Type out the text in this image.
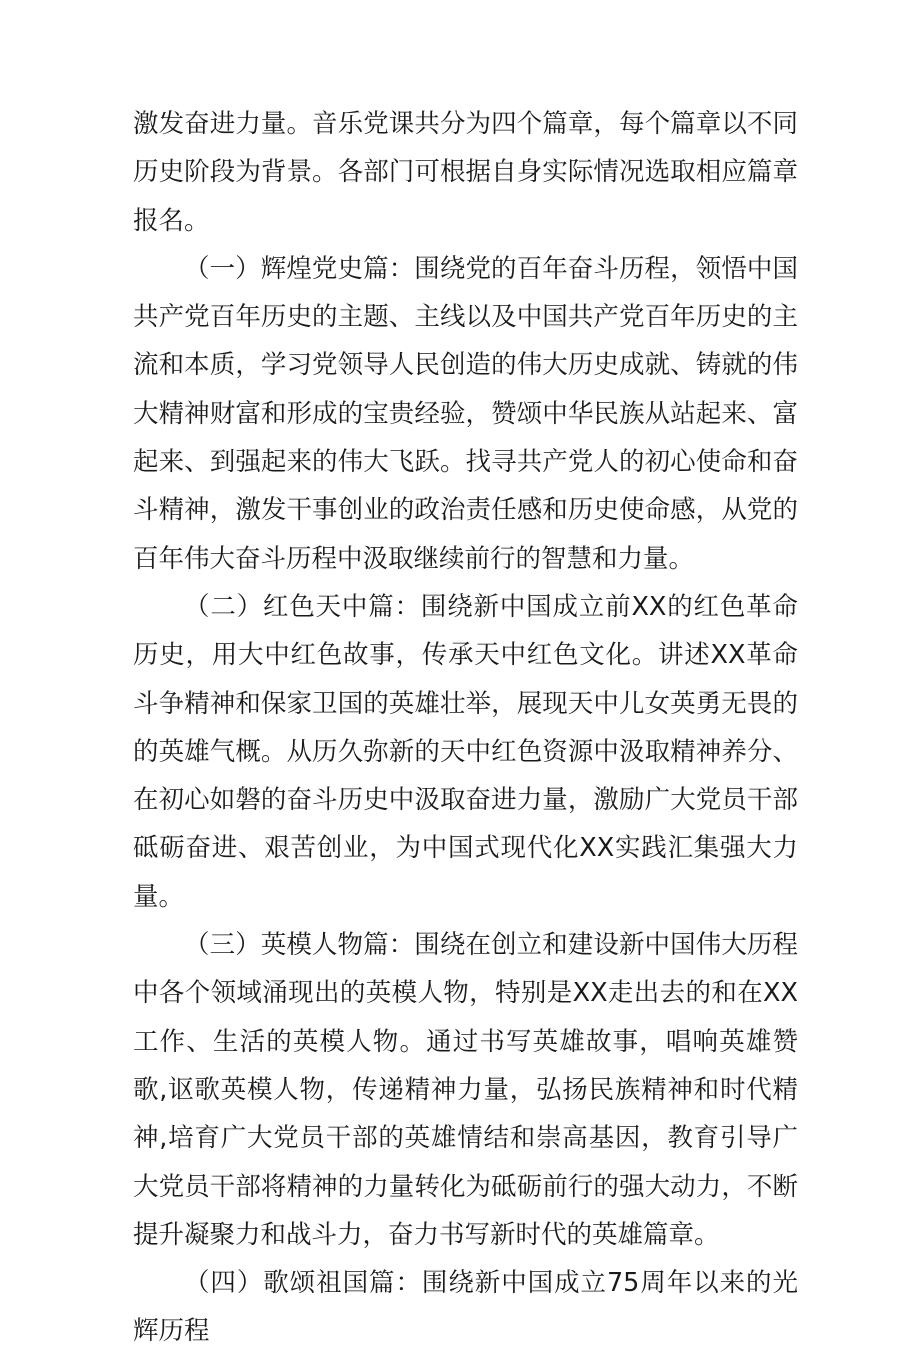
激发奋进力量。音乐党课共分为四个篇章，每个篇章以不同历史阶段为背景。各部门可根据自身实际情况选取相应篇章报名。

（一）辉煌党史篇：围绕党的百年奋斗历程，领悟中国共产党百年历史的主题、主线以及中国共产党百年历史的主流和本质，学习党领导人民创造的伟大历史成就、铸就的伟大精神财富和形成的宝贵经验，赞颂中华民族从站起来、富起来、到强起来的伟大飞跃。找寻共产党人的初心使命和奋斗精神，激发干事创业的政治责任感和历史使命感，从党的百年伟大奋斗历程中汲取继续前行的智慧和力量。

（二）红色天中篇：围绕新中国成立前XX的红色革命历史，用大中红色故事，传承天中红色文化。讲述XX革命斗争精神和保家卫国的英雄壮举，展现天中儿女英勇无畏的的英雄气概。从历久弥新的天中红色资源中汲取精神养分、在初心如磐的奋斗历史中汲取奋进力量，激励广大党员干部砥砺奋进、艰苦创业，为中国式现代化XX实践汇集强大力量。

（三）英模人物篇：围绕在创立和建设新中国伟大历程中各个领域涌现出的英模人物，特别是XX走出去的和在XX工作、生活的英模人物。通过书写英雄故事，唱响英雄赞歌,讴歌英模人物，传递精神力量，弘扬民族精神和时代精神,培育广大党员干部的英雄情结和崇高基因，教育引导广大党员干部将精神的力量转化为砥砺前行的强大动力，不断提升凝聚力和战斗力，奋力书写新时代的英雄篇章。

（四）歌颂祖国篇：围绕新中国成立75周年以来的光辉历程
